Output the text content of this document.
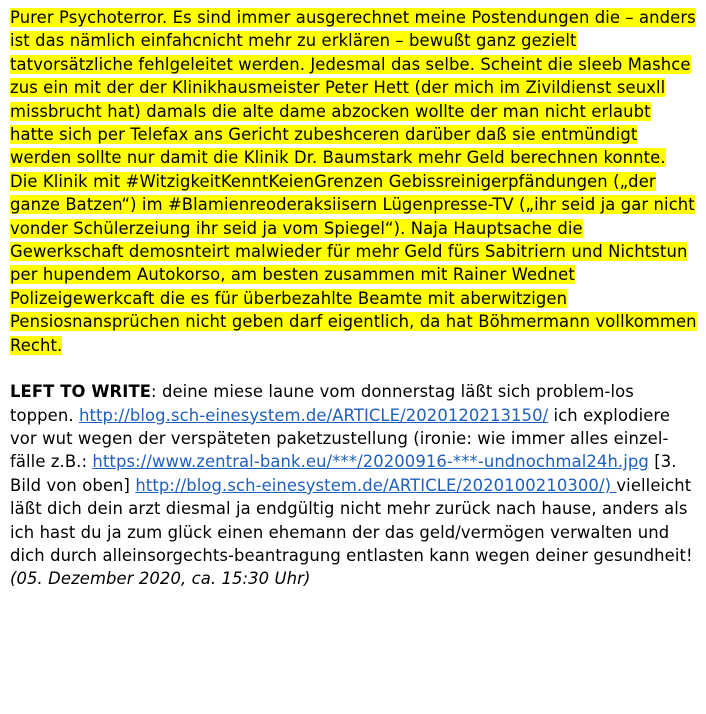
Purer Psychoterror. Es sind immer ausgerechnet meine Postendungen die – anders ist das nämlich einfahcnicht mehr zu erklären – bewußt ganz gezielt tatvorsätzliche fehlgeleitet werden. Jedesmal das selbe. Scheint die sleeb Mashce zus ein mit der der Klinikhausmeister Peter Hett (der mich im Zivildienst seuxll missbrucht hat) damals die alte dame abzocken wollte der man nicht erlaubt hatte sich per Telefax ans Gericht zubeshceren darüber daß sie entmündigt werden sollte nur damit die Klinik Dr. Baumstark mehr Geld berechnen konnte. Die Klinik mit #WitzigkeitKenntKeienGrenzen Gebissreinigerpfändungen („der ganze Batzen“) im #Blamienreoderaksiisern Lügenpresse-TV („ihr seid ja gar nicht vonder Schülerzeiung ihr seid ja vom Spiegel“). Naja Hauptsache die Gewerkschaft demosnteirt malwieder für mehr Geld fürs Sabitriern und Nichtstun per hupendem Autokorso, am besten zusammen mit Rainer Wednet Polizeigewerkcaft die es für überbezahlte Beamte mit aberwitzigen Pensiosnansprüchen nicht geben darf eigentlich, da hat Böhmermann vollkommen Recht.

LEFT TO WRITE: deine miese laune vom donnerstag läßt sich problem-los toppen. http://blog.sch-einesystem.de/ARTICLE/2020120213150/ ich explodiere vor wut wegen der verspäteten paketzustellung (ironie: wie immer alles einzel-fälle z.B.: https://www.zentral-bank.eu/***/20200916-***-undnochmal24h.jpg [3. Bild von oben] http://blog.sch-einesystem.de/ARTICLE/2020100210300/) vielleicht läßt dich dein arzt diesmal ja endgültig nicht mehr zurück nach hause, anders als ich hast du ja zum glück einen ehemann der das geld/vermögen verwalten und dich durch alleinsorgechts-beantragung entlasten kann wegen deiner gesundheit! (05. Dezember 2020, ca. 15:30 Uhr)
